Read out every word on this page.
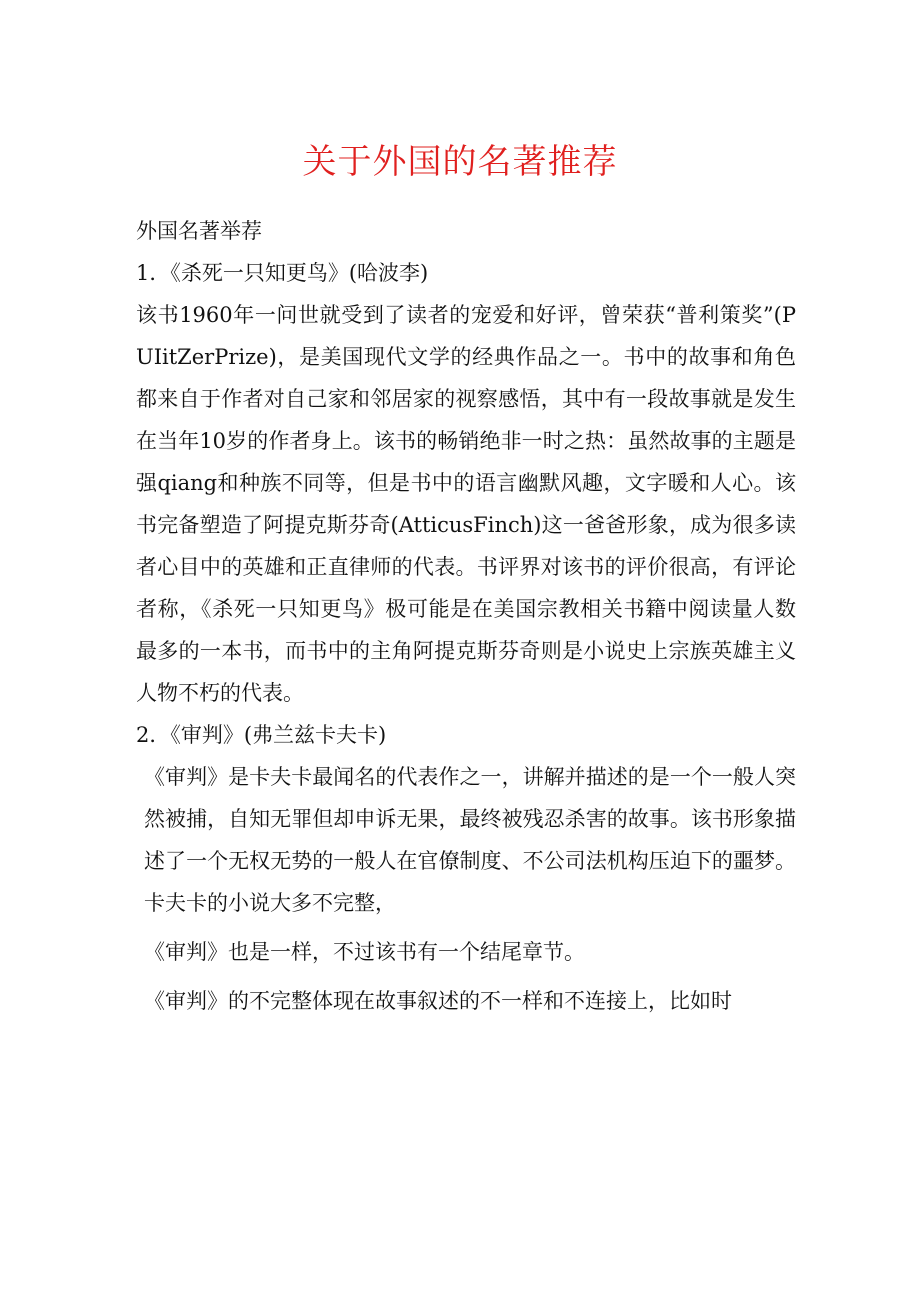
关于外国的名著推荐

外国名著举荐

1．《杀死一只知更鸟》(哈波李)

该书1960年一问世就受到了读者的宠爱和好评，曾荣获“普利策奖”(PUIitZerPrize)，是美国现代文学的经典作品之一。书中的故事和角色都来自于作者对自己家和邻居家的视察感悟，其中有一段故事就是发生在当年10岁的作者身上。该书的畅销绝非一时之热：虽然故事的主题是强qiang和种族不同等，但是书中的语言幽默风趣，文字暖和人心。该书完备塑造了阿提克斯芬奇(AtticusFinch)这一爸爸形象，成为很多读者心目中的英雄和正直律师的代表。书评界对该书的评价很高，有评论者称，《杀死一只知更鸟》极可能是在美国宗教相关书籍中阅读量人数最多的一本书，而书中的主角阿提克斯芬奇则是小说史上宗族英雄主义人物不朽的代表。

2．《审判》(弗兰兹卡夫卡)

《审判》是卡夫卡最闻名的代表作之一，讲解并描述的是一个一般人突然被捕，自知无罪但却申诉无果，最终被残忍杀害的故事。该书形象描述了一个无权无势的一般人在官僚制度、不公司法机构压迫下的噩梦。卡夫卡的小说大多不完整，

《审判》也是一样，不过该书有一个结尾章节。

《审判》的不完整体现在故事叙述的不一样和不连接上，比如时
